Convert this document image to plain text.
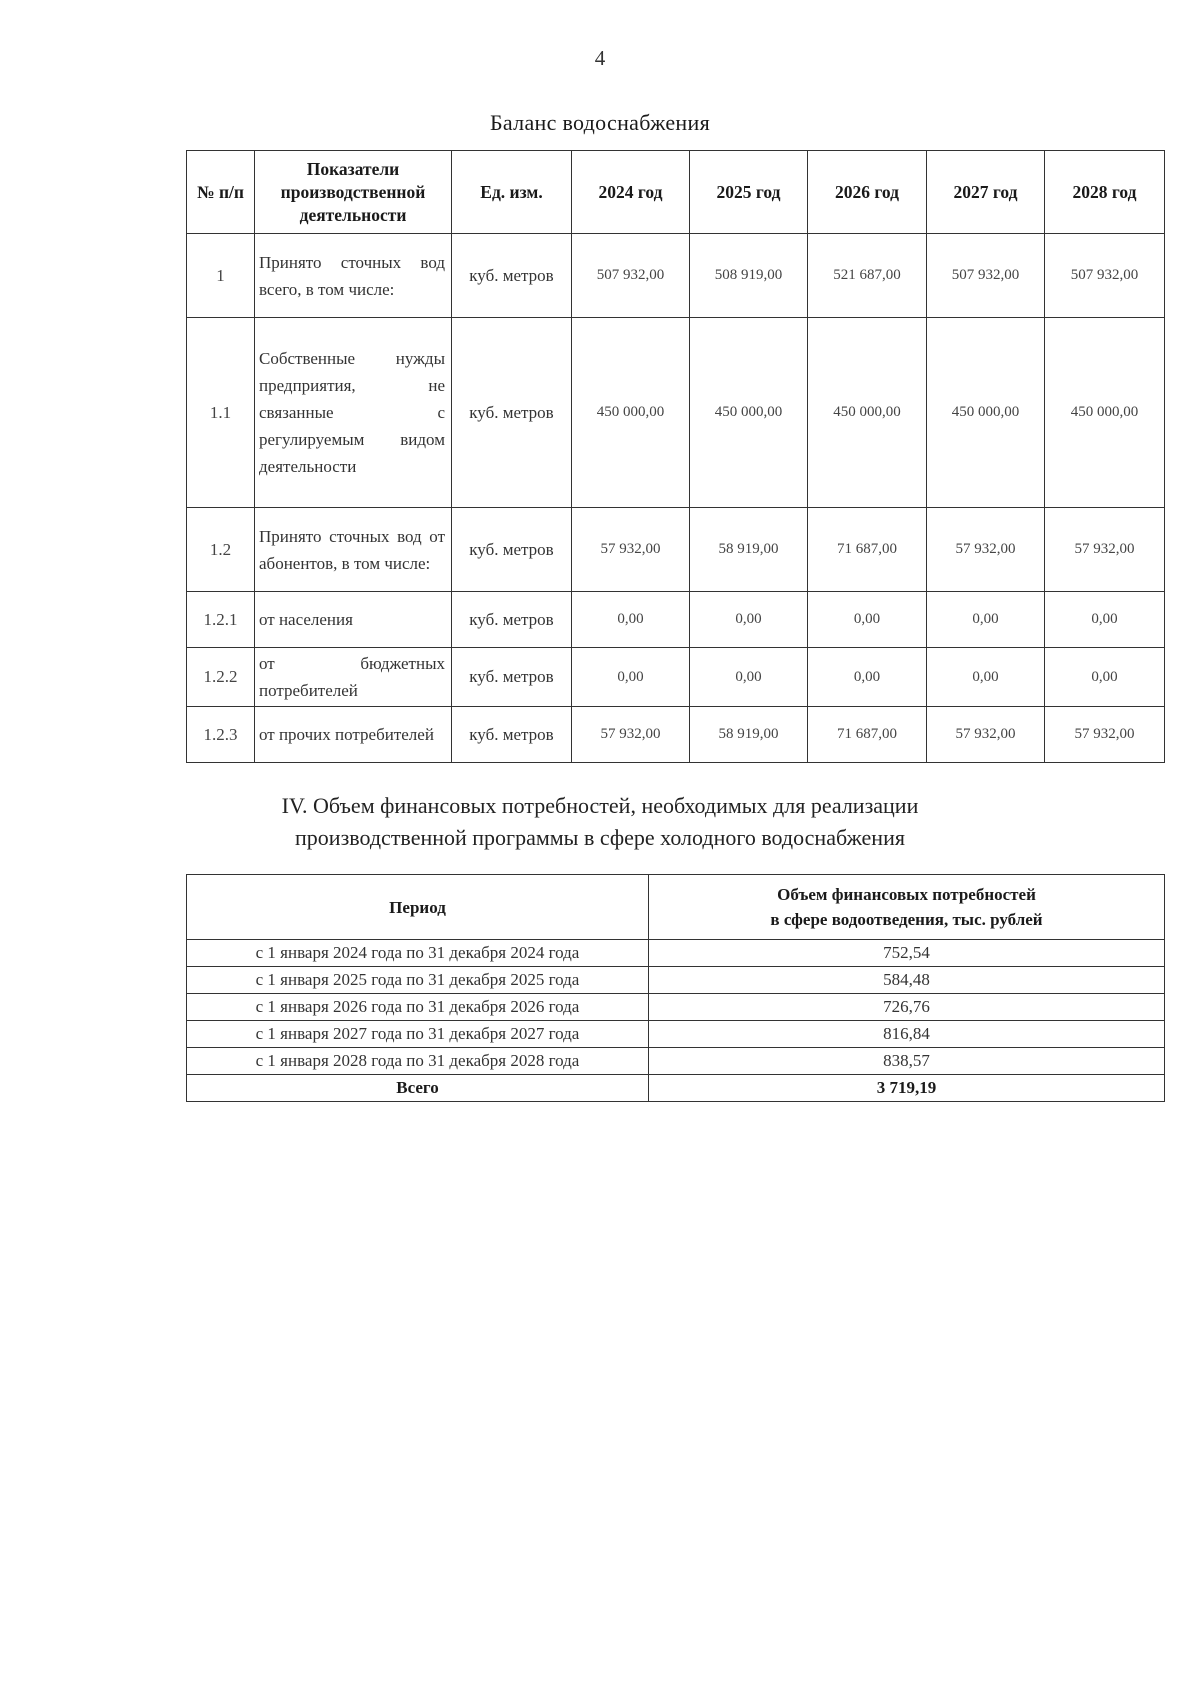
4
Баланс водоснабжения
№ п/п	Показатели производственной деятельности	Ед. изм.	2024 год	2025 год	2026 год	2027 год	2028 год
1	Принято сточных вод всего, в том числе:	куб. метров	507 932,00	508 919,00	521 687,00	507 932,00	507 932,00
1.1	Собственные нужды предприятия, не связанные с регулируемым видом деятельности	куб. метров	450 000,00	450 000,00	450 000,00	450 000,00	450 000,00
1.2	Принято сточных вод от абонентов, в том числе:	куб. метров	57 932,00	58 919,00	71 687,00	57 932,00	57 932,00
1.2.1	от населения	куб. метров	0,00	0,00	0,00	0,00	0,00
1.2.2	от бюджетных потребителей	куб. метров	0,00	0,00	0,00	0,00	0,00
1.2.3	от прочих потребителей	куб. метров	57 932,00	58 919,00	71 687,00	57 932,00	57 932,00
IV. Объем финансовых потребностей, необходимых для реализации
производственной программы в сфере холодного водоснабжения
Период	Объем финансовых потребностей
в сфере водоотведения, тыс. рублей

с 1 января 2024 года по 31 декабря 2024 года	752,54
с 1 января 2025 года по 31 декабря 2025 года	584,48
с 1 января 2026 года по 31 декабря 2026 года	726,76
с 1 января 2027 года по 31 декабря 2027 года	816,84
с 1 января 2028 года по 31 декабря 2028 года	838,57
Всего	3 719,19
